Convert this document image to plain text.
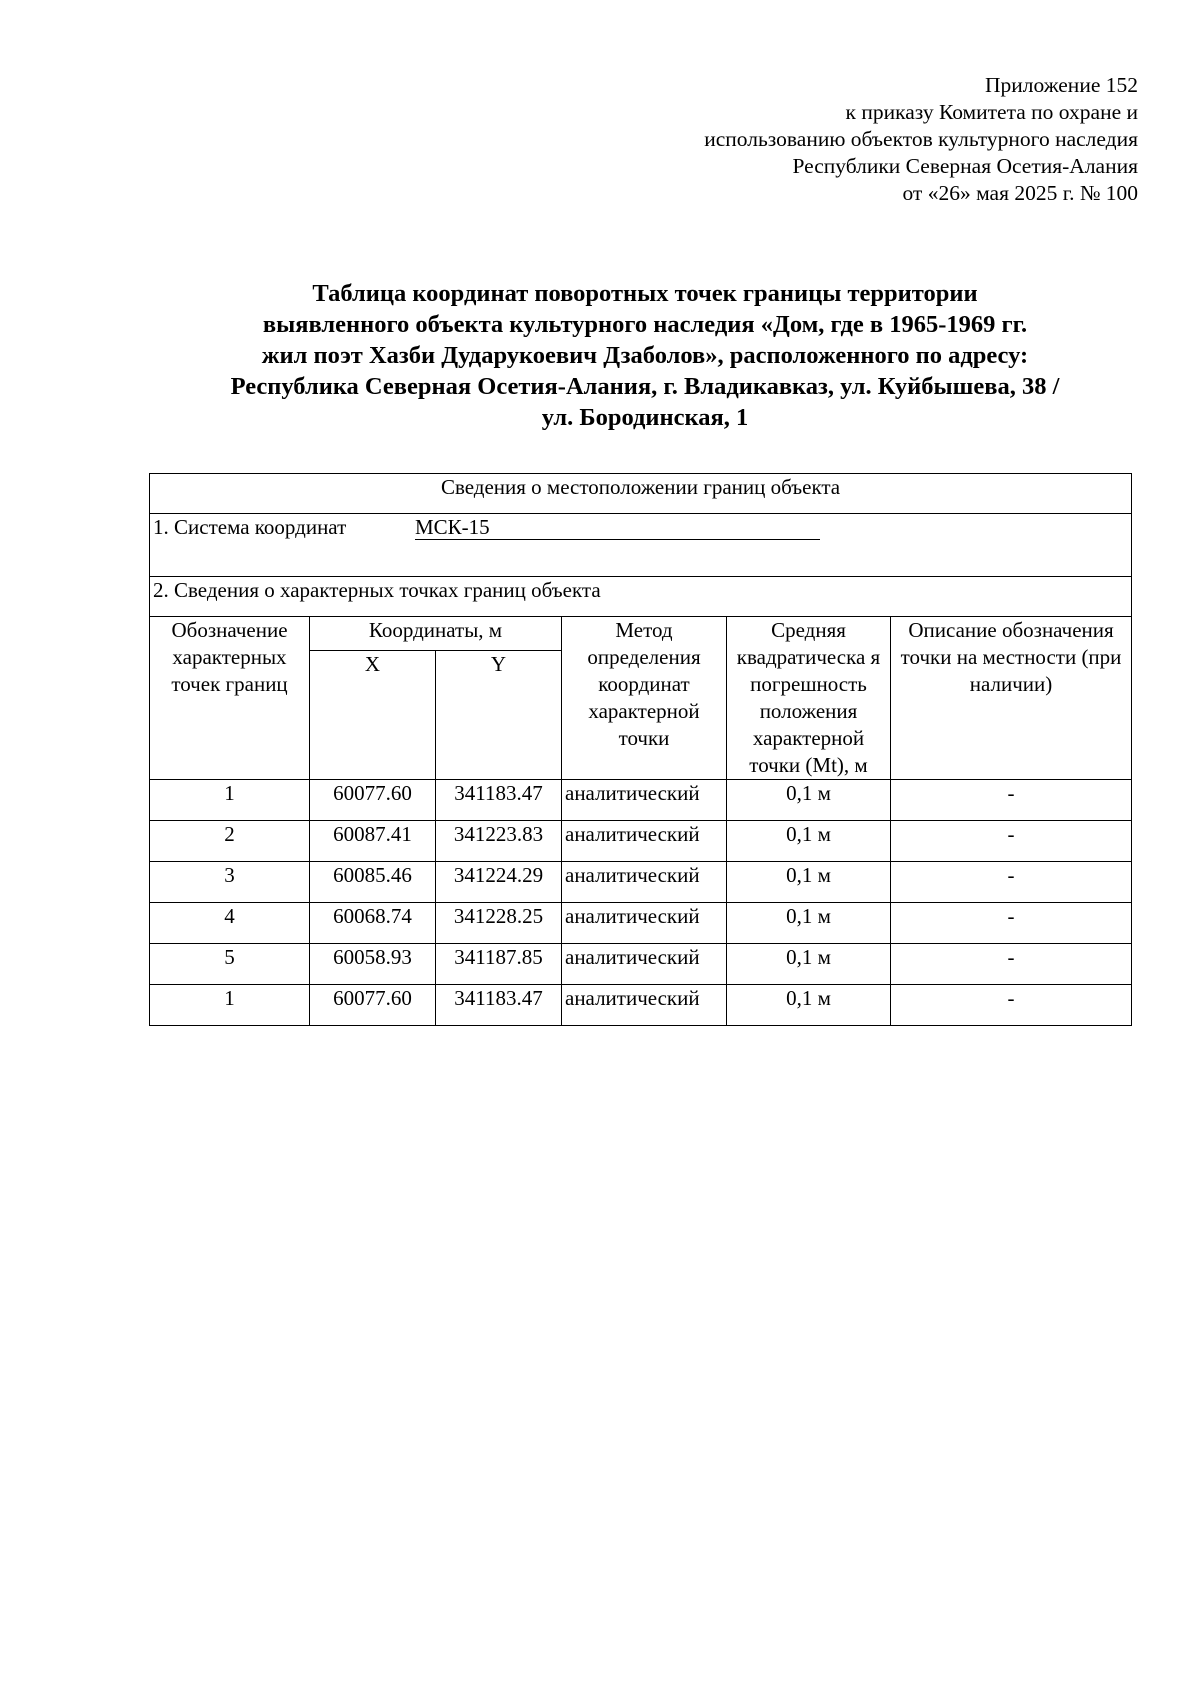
Приложение 152
к приказу Комитета по охране и
использованию объектов культурного наследия
Республики Северная Осетия-Алания
от «26» мая 2025 г. № 100
Таблица координат поворотных точек границы территории
выявленного объекта культурного наследия «Дом, где в 1965-1969 гг.
жил поэт Хазби Дударукоевич Дзаболов», расположенного по адресу:
Республика Северная Осетия-Алания, г. Владикавказ, ул. Куйбышева, 38 /
ул. Бородинская, 1
Сведения о местоположении границ объекта					
1. Система координат МСК-15					
2. Сведения о характерных точках границ объекта					
Обозначение характерных точек границ	Координаты, м		Метод определения координат характерной точки	Средняя квадратическа я погрешность положения характерной точки (Mt), м	Описание обозначения точки на местности (при наличии)
	X	Y			
1	60077.60	341183.47	аналитический	0,1 м	-
2	60087.41	341223.83	аналитический	0,1 м	-
3	60085.46	341224.29	аналитический	0,1 м	-
4	60068.74	341228.25	аналитический	0,1 м	-
5	60058.93	341187.85	аналитический	0,1 м	-
1	60077.60	341183.47	аналитический	0,1 м	-
